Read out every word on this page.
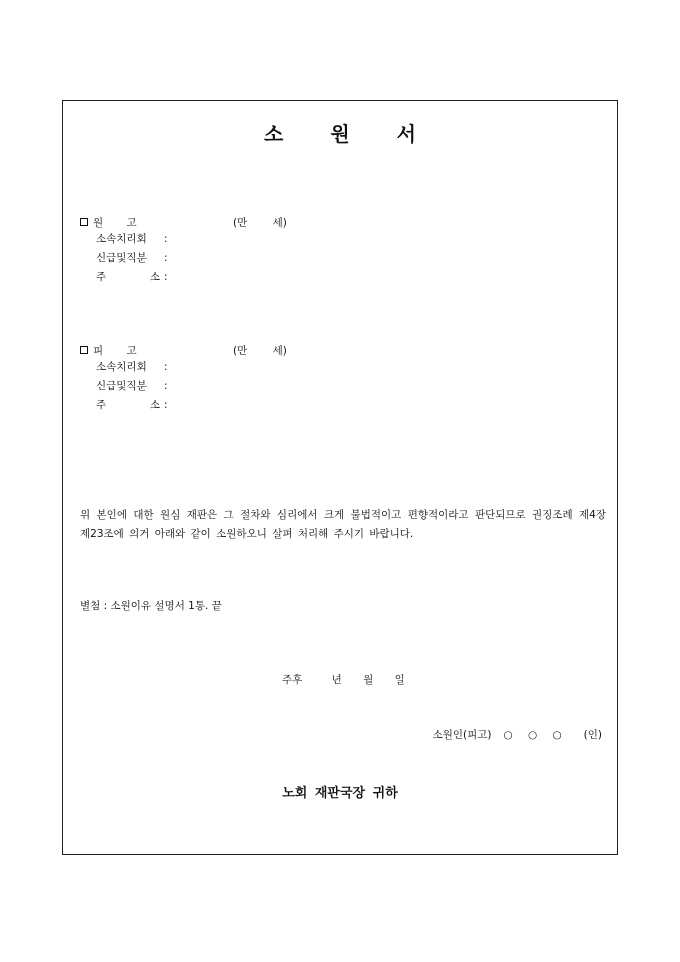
소 원 서
원 고	(만 세)
소속치리회 :
신급및직분 :
주 소 :
피 고	(만 세)
소속치리회 :
신급및직분 :
주 소 :
위 본인에 대한 원심 재판은 그 절차와 심리에서 크게 불법적이고 편향적이라고 판단되므로 권징조례 제4장 제23조에 의거 아래와 같이 소원하오니 살펴 처리해 주시기 바랍니다.
별첨 : 소원이유 설명서 1통. 끝
주후	년 월 일
소원인(피고) ○ ○ ○ (인)
노회 재판국장 귀하
